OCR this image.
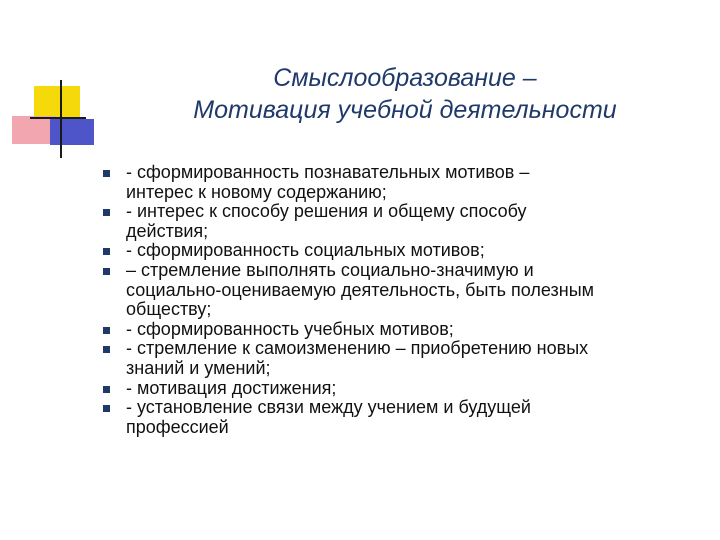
Смыслообразование –
Мотивация учебной деятельности
- сформированность познавательных мотивов –
интерес к новому содержанию;
- интерес к способу решения и общему способу
действия;
- сформированность социальных мотивов;
– стремление выполнять социально-значимую и
социально-оцениваемую деятельность, быть полезным
обществу;
- сформированность учебных мотивов;
- стремление к самоизменению – приобретению новых
знаний и умений;
- мотивация достижения;
- установление связи между учением и будущей
профессией
